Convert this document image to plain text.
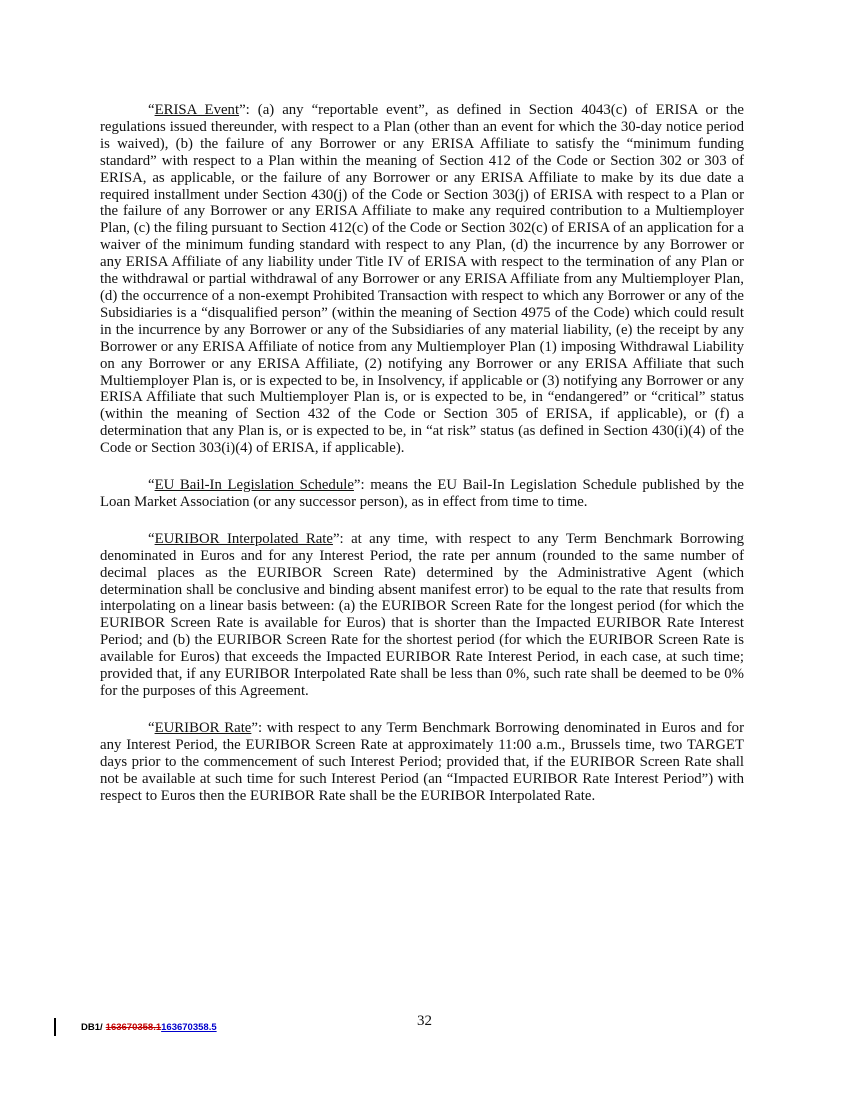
“ERISA Event”: (a) any “reportable event”, as defined in Section 4043(c) of ERISA or the regulations issued thereunder, with respect to a Plan (other than an event for which the 30-day notice period is waived), (b) the failure of any Borrower or any ERISA Affiliate to satisfy the “minimum funding standard” with respect to a Plan within the meaning of Section 412 of the Code or Section 302 or 303 of ERISA, as applicable, or the failure of any Borrower or any ERISA Affiliate to make by its due date a required installment under Section 430(j) of the Code or Section 303(j) of ERISA with respect to a Plan or the failure of any Borrower or any ERISA Affiliate to make any required contribution to a Multiemployer Plan, (c) the filing pursuant to Section 412(c) of the Code or Section 302(c) of ERISA of an application for a waiver of the minimum funding standard with respect to any Plan, (d) the incurrence by any Borrower or any ERISA Affiliate of any liability under Title IV of ERISA with respect to the termination of any Plan or the withdrawal or partial withdrawal of any Borrower or any ERISA Affiliate from any Multiemployer Plan, (d) the occurrence of a non-exempt Prohibited Transaction with respect to which any Borrower or any of the Subsidiaries is a “disqualified person” (within the meaning of Section 4975 of the Code) which could result in the incurrence by any Borrower or any of the Subsidiaries of any material liability, (e) the receipt by any Borrower or any ERISA Affiliate of notice from any Multiemployer Plan (1) imposing Withdrawal Liability on any Borrower or any ERISA Affiliate, (2) notifying any Borrower or any ERISA Affiliate that such Multiemployer Plan is, or is expected to be, in Insolvency, if applicable or (3) notifying any Borrower or any ERISA Affiliate that such Multiemployer Plan is, or is expected to be, in “endangered” or “critical” status (within the meaning of Section 432 of the Code or Section 305 of ERISA, if applicable), or (f) a determination that any Plan is, or is expected to be, in “at risk” status (as defined in Section 430(i)(4) of the Code or Section 303(i)(4) of ERISA, if applicable).

“EU Bail-In Legislation Schedule”: means the EU Bail-In Legislation Schedule published by the Loan Market Association (or any successor person), as in effect from time to time.

“EURIBOR Interpolated Rate”: at any time, with respect to any Term Benchmark Borrowing denominated in Euros and for any Interest Period, the rate per annum (rounded to the same number of decimal places as the EURIBOR Screen Rate) determined by the Administrative Agent (which determination shall be conclusive and binding absent manifest error) to be equal to the rate that results from interpolating on a linear basis between: (a) the EURIBOR Screen Rate for the longest period (for which the EURIBOR Screen Rate is available for Euros) that is shorter than the Impacted EURIBOR Rate Interest Period; and (b) the EURIBOR Screen Rate for the shortest period (for which the EURIBOR Screen Rate is available for Euros) that exceeds the Impacted EURIBOR Rate Interest Period, in each case, at such time; provided that, if any EURIBOR Interpolated Rate shall be less than 0%, such rate shall be deemed to be 0% for the purposes of this Agreement.

“EURIBOR Rate”: with respect to any Term Benchmark Borrowing denominated in Euros and for any Interest Period, the EURIBOR Screen Rate at approximately 11:00 a.m., Brussels time, two TARGET days prior to the commencement of such Interest Period; provided that, if the EURIBOR Screen Rate shall not be available at such time for such Interest Period (an “Impacted EURIBOR Rate Interest Period”) with respect to Euros then the EURIBOR Rate shall be the EURIBOR Interpolated Rate.

32
DB1/ 163670358.1 163670358.5
